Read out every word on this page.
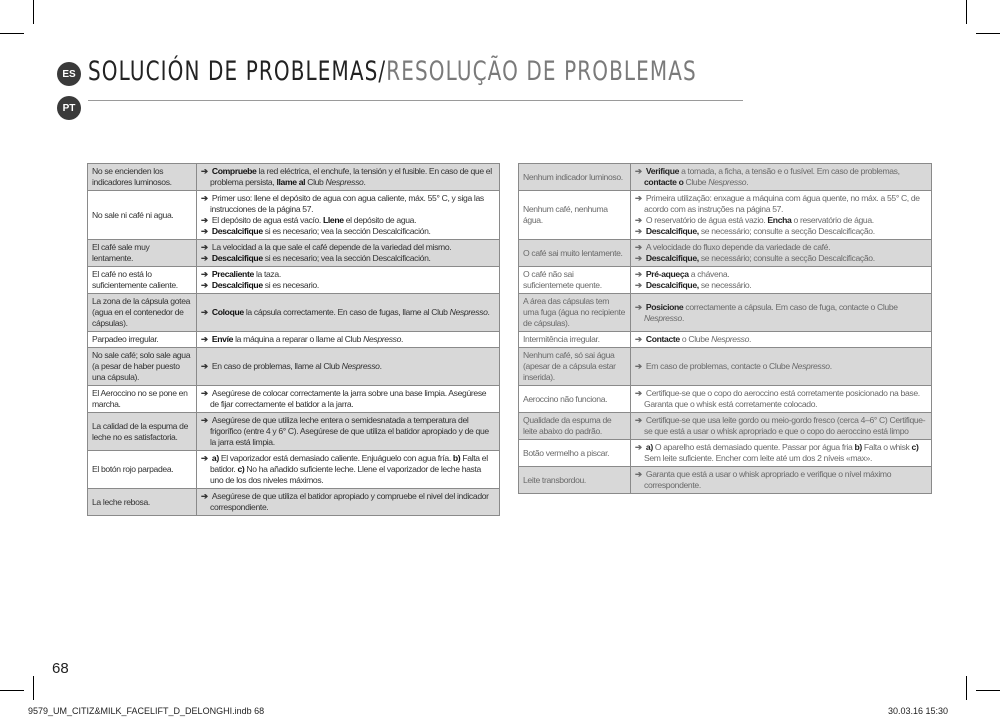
ES
PT
SOLUCIÓN DE PROBLEMAS/RESOLUÇÃO DE PROBLEMAS
No se encienden los indicadores luminosos.	➔ Compruebe la red eléctrica, el enchufe, la tensión y el fusible. En caso de que el problema persista, llame al Club Nespresso.

No sale ni café ni agua.	➔ Primer uso: llene el depósito de agua con agua caliente, máx. 55° C, y siga las instrucciones de la página 57.
➔ El depósito de agua está vacío. Llene el depósito de agua.
➔ Descalcifique si es necesario; vea la sección Descalcificación.

El café sale muy lentamente.	➔ La velocidad a la que sale el café depende de la variedad del mismo.
➔ Descalcifique si es necesario; vea la sección Descalcificación.

El café no está lo suficientemente caliente.	➔ Precaliente la taza.
➔ Descalcifique si es necesario.

La zona de la cápsula gotea (agua en el contenedor de cápsulas).	➔ Coloque la cápsula correctamente. En caso de fugas, llame al Club Nespresso.

Parpadeo irregular.	➔ Envíe la máquina a reparar o llame al Club Nespresso.

No sale café; solo sale agua (a pesar de haber puesto una cápsula).	➔ En caso de problemas, llame al Club Nespresso.

El Aeroccino no se pone en marcha.	➔ Asegúrese de colocar correctamente la jarra sobre una base limpia. Asegúrese de fijar correctamente el batidor a la jarra.

La calidad de la espuma de leche no es satisfactoria.	➔ Asegúrese de que utiliza leche entera o semidesnatada a temperatura del frigorífico (entre 4 y 6° C). Asegúrese de que utiliza el batidor apropiado y de que la jarra está limpia.

El botón rojo parpadea.	➔ a) El vaporizador está demasiado caliente. Enjuáguelo con agua fría. b) Falta el batidor. c) No ha añadido suficiente leche. Llene el vaporizador de leche hasta uno de los dos niveles máximos.

La leche rebosa.	➔ Asegúrese de que utiliza el batidor apropiado y compruebe el nivel del indicador correspondiente.
Nenhum indicador luminoso.	➔ Verifique a tomada, a ficha, a tensão e o fusível. Em caso de problemas, contacte o Clube Nespresso.

Nenhum café, nenhuma água.	➔ Primeira utilização: enxague a máquina com água quente, no máx. a 55° C, de acordo com as instruções na página 57.
➔ O reservatório de água está vazio. Encha o reservatório de água.
➔ Descalcifique, se necessário; consulte a secção Descalcificação.

O café sai muito lentamente.	➔ A velocidade do fluxo depende da variedade de café.
➔ Descalcifique, se necessário; consulte a secção Descalcificação.

O café não sai suficientemete quente.	➔ Pré-aqueça a chávena.
➔ Descalcifique, se necessário.

A área das cápsulas tem uma fuga (água no recipiente de cápsulas).	➔ Posicione correctamente a cápsula. Em caso de fuga, contacte o Clube Nespresso.

Intermitência irregular.	➔ Contacte o Clube Nespresso.

Nenhum café, só sai água (apesar de a cápsula estar inserida).	➔ Em caso de problemas, contacte o Clube Nespresso.

Aeroccino não funciona.	➔ Certifique-se que o copo do aeroccino está corretamente posicionado na base. Garanta que o whisk está corretamente colocado.

Qualidade da espuma de leite abaixo do padrão.	➔ Certifique-se que usa leite gordo ou meio-gordo fresco (cerca 4–6° C) Certifique-se que está a usar o whisk apropriado e que o copo do aeroccino está limpo

Botão vermelho a piscar.	➔ a) O aparelho está demasiado quente. Passar por água fria b) Falta o whisk c) Sem leite suficiente. Encher com leite até um dos 2 níveis «max».

Leite transbordou.	➔ Garanta que está a usar o whisk apropriado e verifique o nível máximo correspondente.
68
9579_UM_CITIZ&MILK_FACELIFT_D_DELONGHI.indb 68	30.03.16 15:30
